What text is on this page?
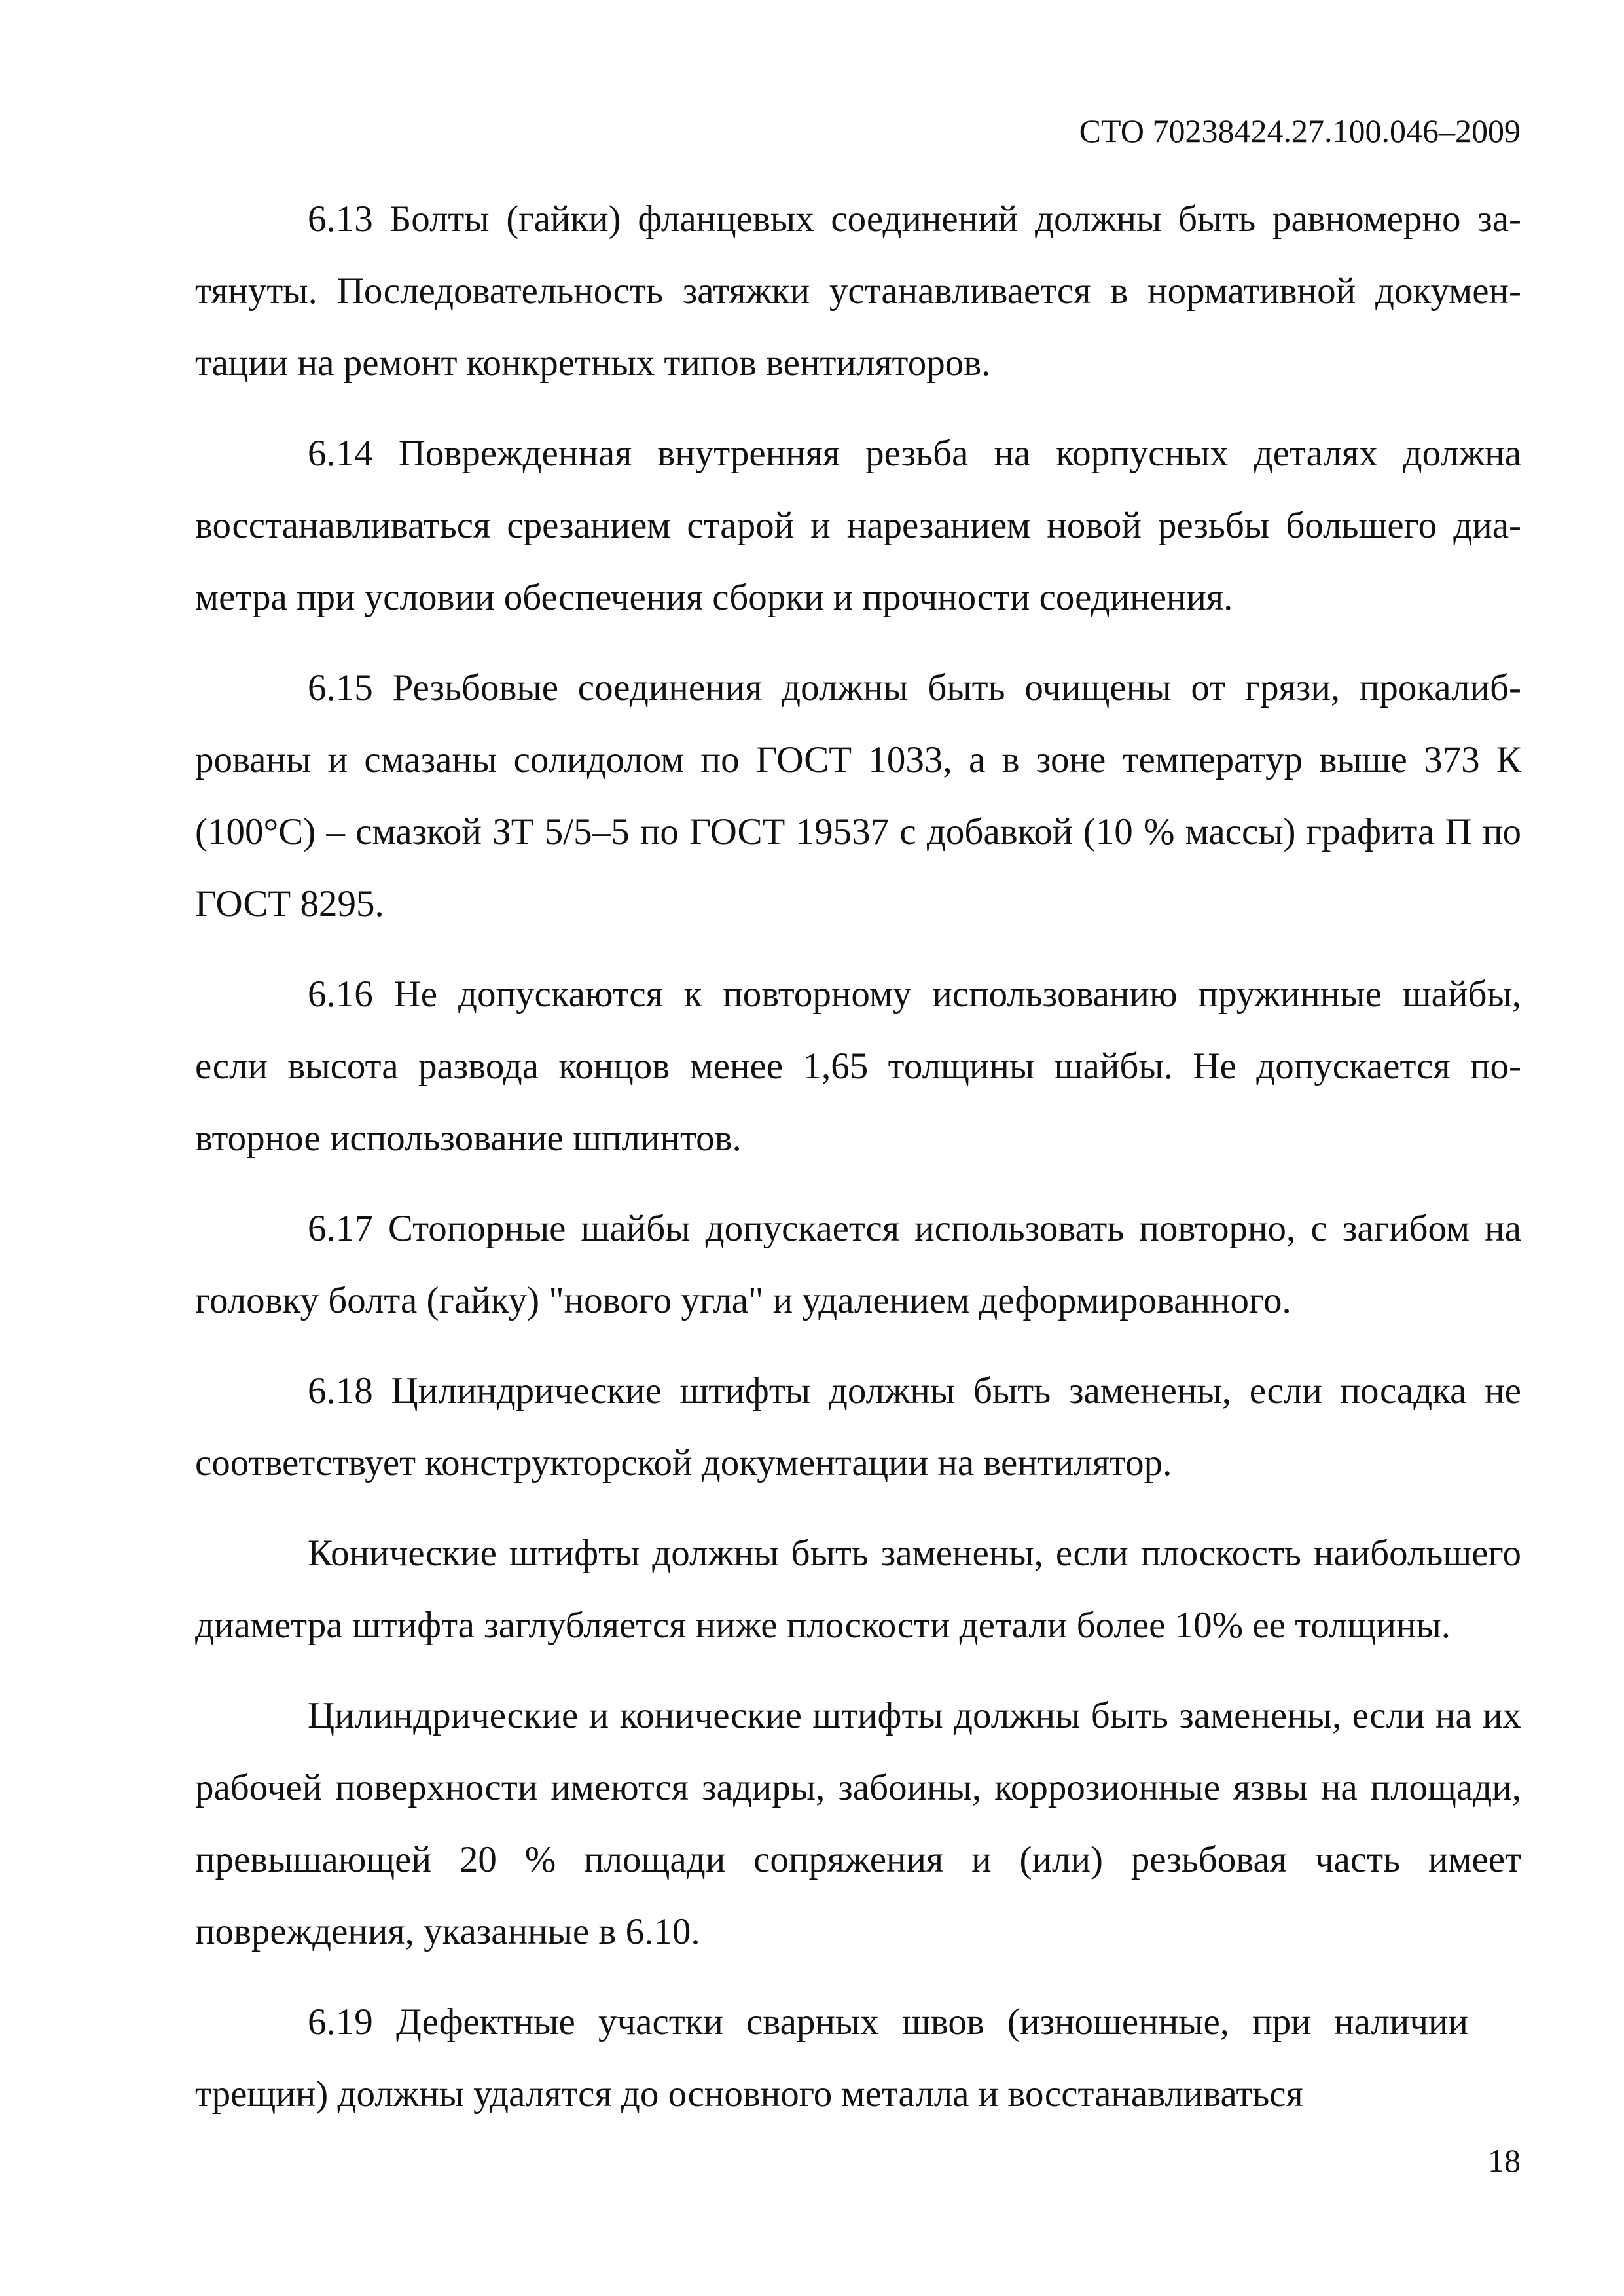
СТО 70238424.27.100.046–2009

6.13 Болты (гайки) фланцевых соединений должны быть равномерно затянуты. Последовательность затяжки устанавливается в нормативной документации на ремонт конкретных типов вентиляторов.

6.14 Поврежденная внутренняя резьба на корпусных деталях должна восстанавливаться срезанием старой и нарезанием новой резьбы большего диаметра при условии обеспечения сборки и прочности соединения.

6.15 Резьбовые соединения должны быть очищены от грязи, прокалиброваны и смазаны солидолом по ГОСТ 1033, а в зоне температур выше 373 К (100°С) – смазкой ЗТ 5/5–5 по ГОСТ 19537 с добавкой (10 % массы) графита П по ГОСТ 8295.

6.16 Не допускаются к повторному использованию пружинные шайбы, если высота развода концов менее 1,65 толщины шайбы. Не допускается повторное использование шплинтов.

6.17 Стопорные шайбы допускается использовать повторно, с загибом на головку болта (гайку) "нового угла" и удалением деформированного.

6.18 Цилиндрические штифты должны быть заменены, если посадка не соответствует конструкторской документации на вентилятор.

Конические штифты должны быть заменены, если плоскость наибольшего диаметра штифта заглубляется ниже плоскости детали более 10% ее толщины.

Цилиндрические и конические штифты должны быть заменены, если на их рабочей поверхности имеются задиры, забоины, коррозионные язвы на площади, превышающей 20 % площади сопряжения и (или) резьбовая часть имеет повреждения, указанные в 6.10.

6.19 Дефектные участки сварных швов (изношенные, при наличии трещин) должны удалятся до основного металла и восстанавливаться

18
